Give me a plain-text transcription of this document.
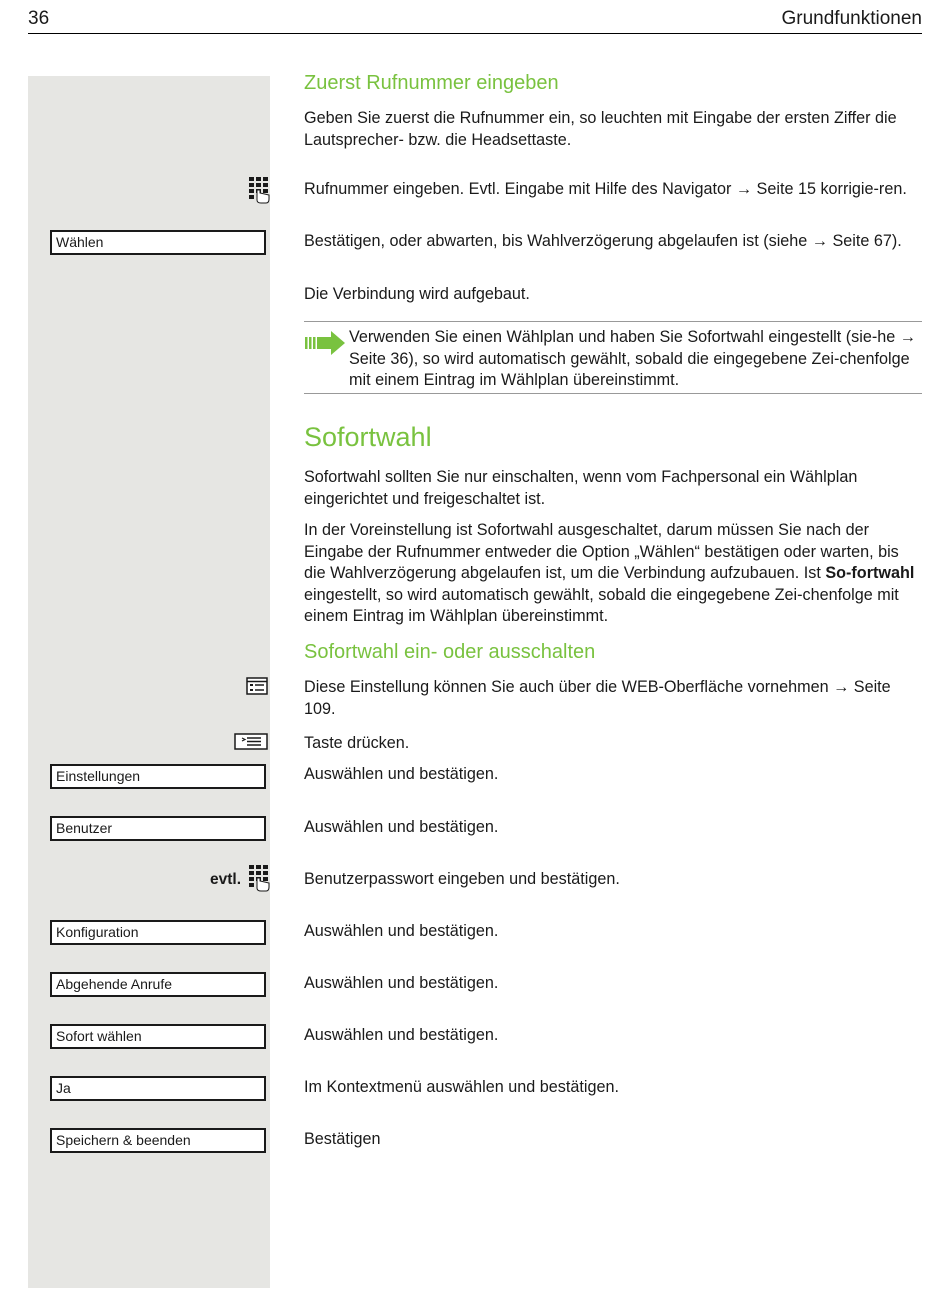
36	Grundfunktionen
evtl.
Wählen
Einstellungen
Benutzer
Konfiguration
Abgehende Anrufe
Sofort wählen
Ja
Speichern & beenden
Zuerst Rufnummer eingeben

Geben Sie zuerst die Rufnummer ein, so leuchten mit Eingabe der ersten Ziffer die Lautsprecher- bzw. die Headsettaste.

Rufnummer eingeben. Evtl. Eingabe mit Hilfe des Navigator → Seite 15 korrigie-ren.

Bestätigen, oder abwarten, bis Wahlverzögerung abgelaufen ist (siehe → Seite 67).

Die Verbindung wird aufgebaut.

Verwenden Sie einen Wählplan und haben Sie Sofortwahl eingestellt (sie-he → Seite 36), so wird automatisch gewählt, sobald die eingegebene Zei-chenfolge mit einem Eintrag im Wählplan übereinstimmt.

Sofortwahl

Sofortwahl sollten Sie nur einschalten, wenn vom Fachpersonal ein Wählplan eingerichtet und freigeschaltet ist.

In der Voreinstellung ist Sofortwahl ausgeschaltet, darum müssen Sie nach der Eingabe der Rufnummer entweder die Option „Wählen“ bestätigen oder warten, bis die Wahlverzögerung abgelaufen ist, um die Verbindung aufzubauen. Ist So-fortwahl eingestellt, so wird automatisch gewählt, sobald die eingegebene Zei-chenfolge mit einem Eintrag im Wählplan übereinstimmt.

Sofortwahl ein- oder ausschalten

Diese Einstellung können Sie auch über die WEB-Oberfläche vornehmen → Seite 109.

Taste drücken.

Auswählen und bestätigen.

Auswählen und bestätigen.

Benutzerpasswort eingeben und bestätigen.

Auswählen und bestätigen.

Auswählen und bestätigen.

Auswählen und bestätigen.

Im Kontextmenü auswählen und bestätigen.

Bestätigen
